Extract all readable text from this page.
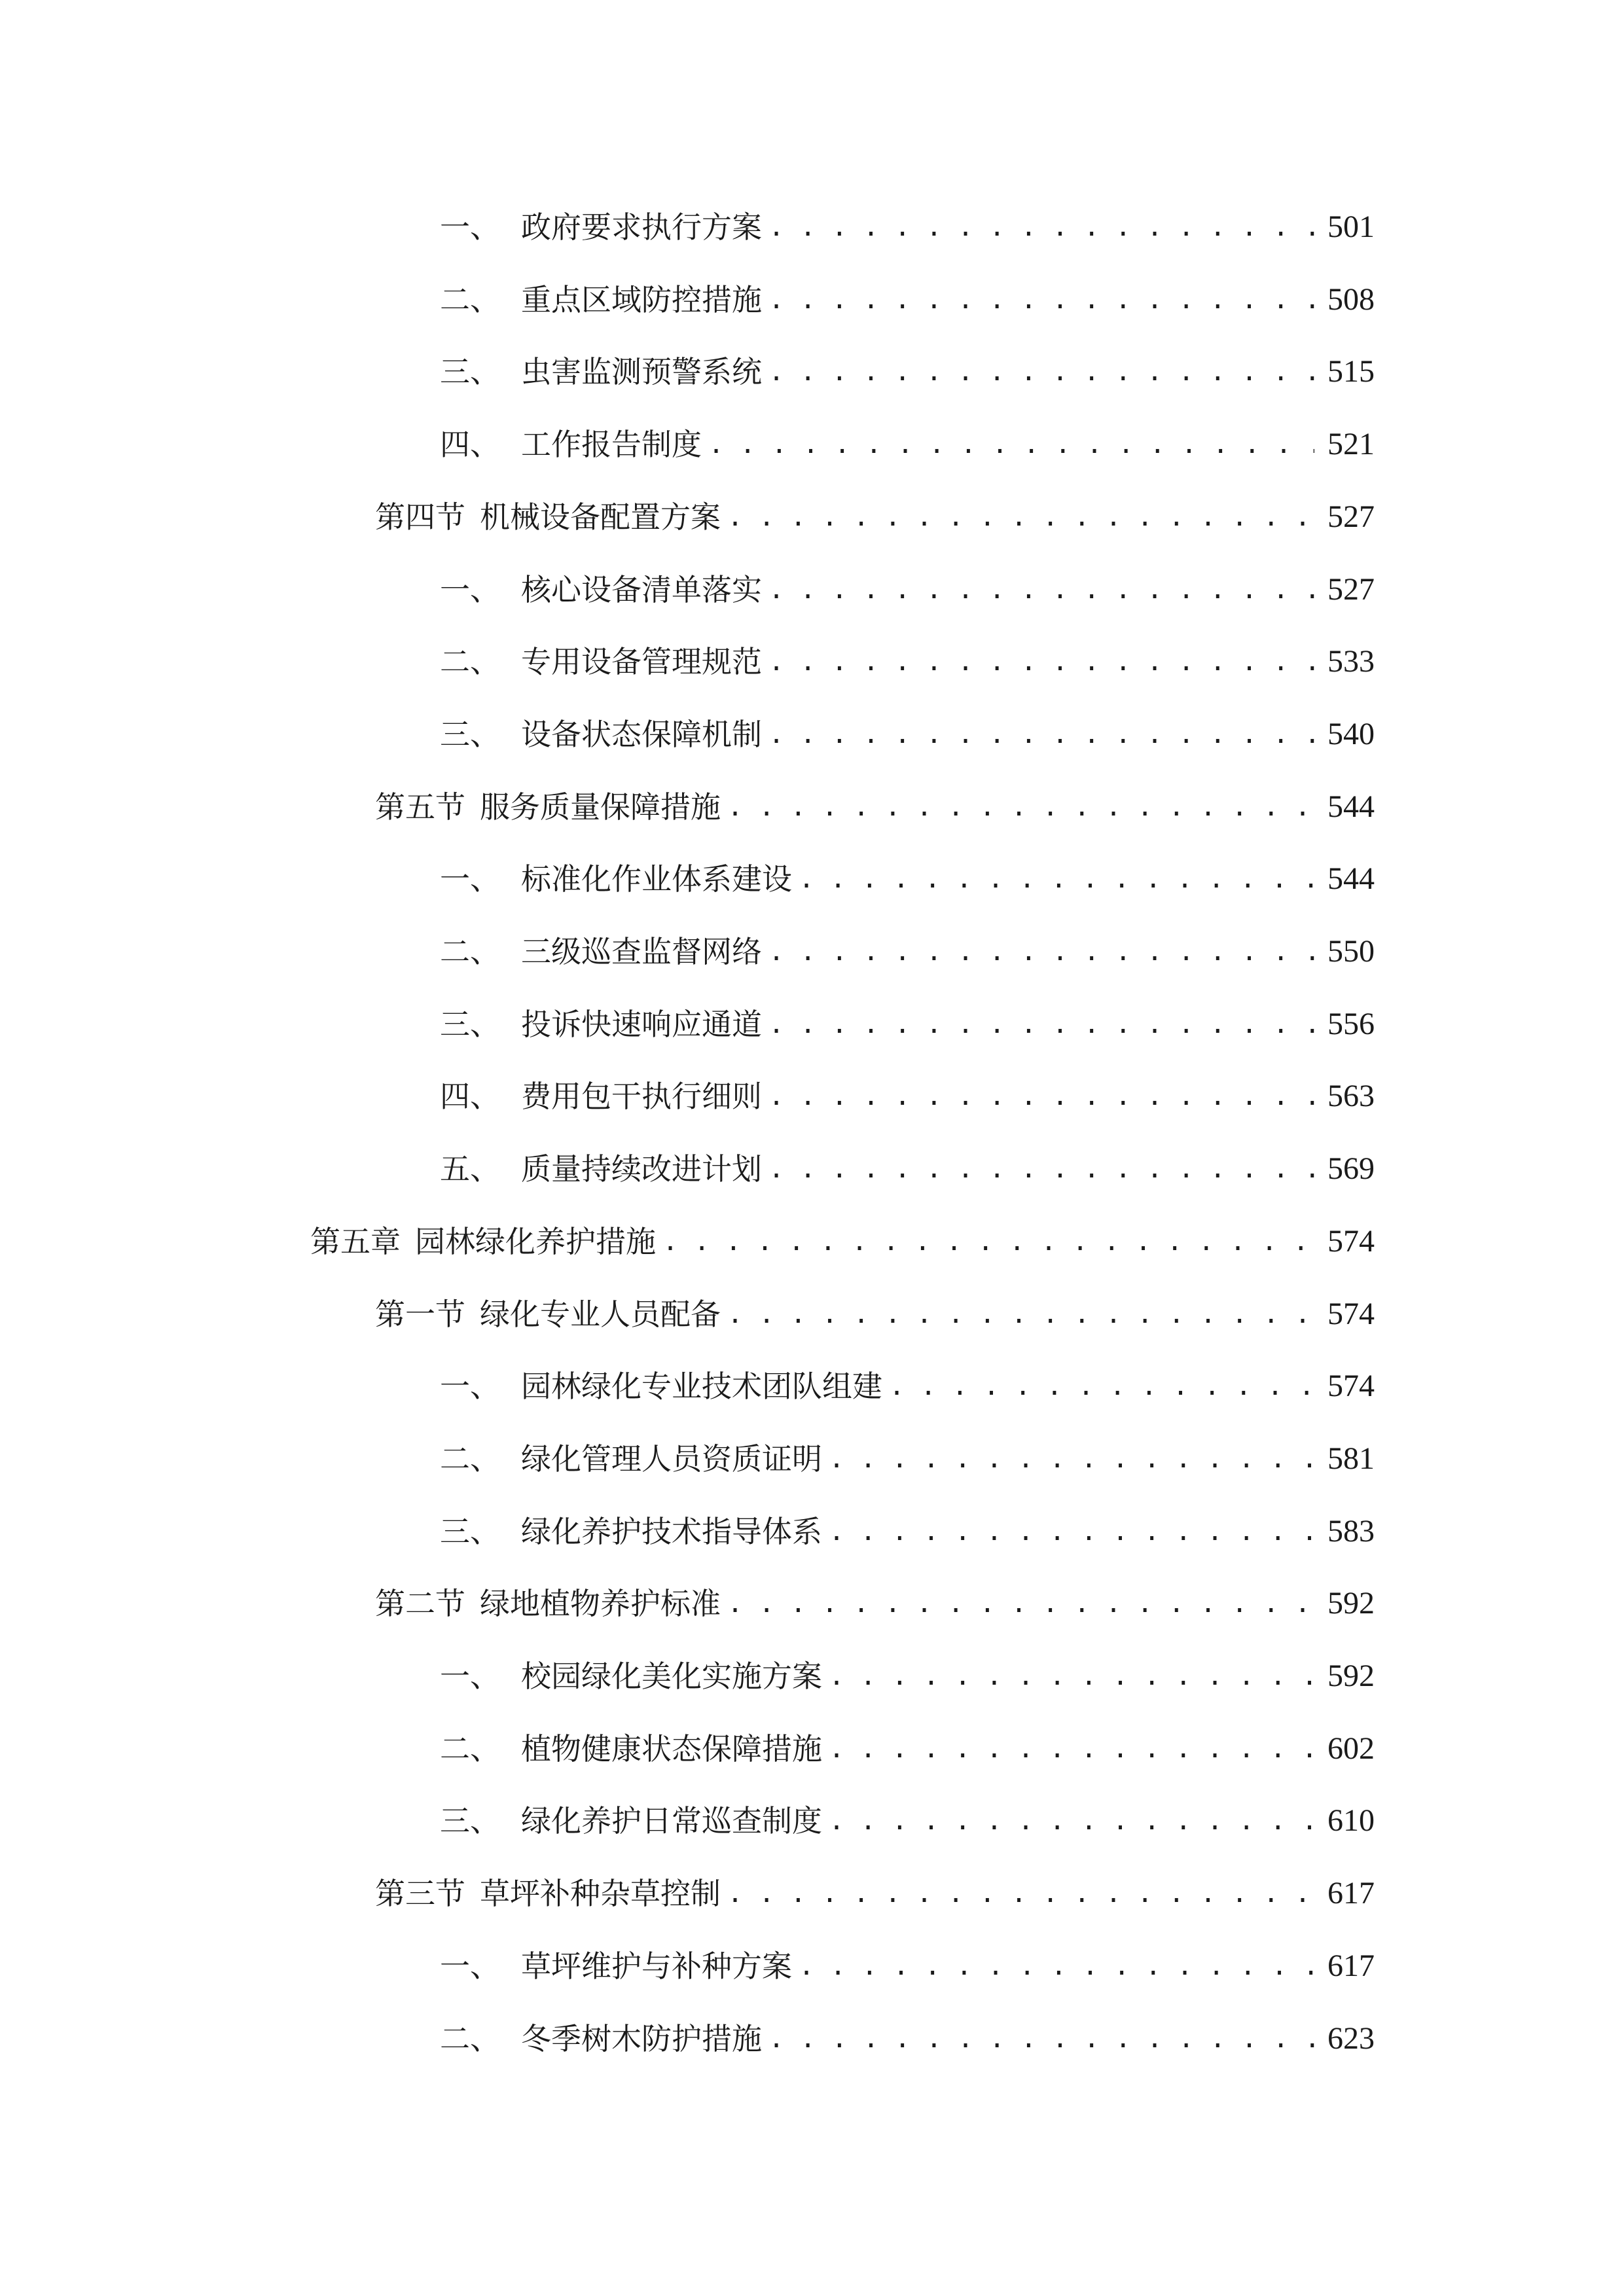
一、 政府要求执行方案 . . .	501
二、 重点区域防控措施 . . .	508
三、 虫害监测预警系统 . . .	515
四、 工作报告制度 . . .	521
第四节 机械设备配置方案 . . .	527
一、 核心设备清单落实 . . .	527
二、 专用设备管理规范 . . .	533
三、 设备状态保障机制 . . .	540
第五节 服务质量保障措施 . . .	544
一、 标准化作业体系建设 . . .	544
二、 三级巡查监督网络 . . .	550
三、 投诉快速响应通道 . . .	556
四、 费用包干执行细则 . . .	563
五、 质量持续改进计划 . . .	569
第五章 园林绿化养护措施 . . .	574
第一节 绿化专业人员配备 . . .	574
一、 园林绿化专业技术团队组建 . . .	574
二、 绿化管理人员资质证明 . . .	581
三、 绿化养护技术指导体系 . . .	583
第二节 绿地植物养护标准 . . .	592
一、 校园绿化美化实施方案 . . .	592
二、 植物健康状态保障措施 . . .	602
三、 绿化养护日常巡查制度 . . .	610
第三节 草坪补种杂草控制 . . .	617
一、 草坪维护与补种方案 . . .	617
二、 冬季树木防护措施 . . .	623
